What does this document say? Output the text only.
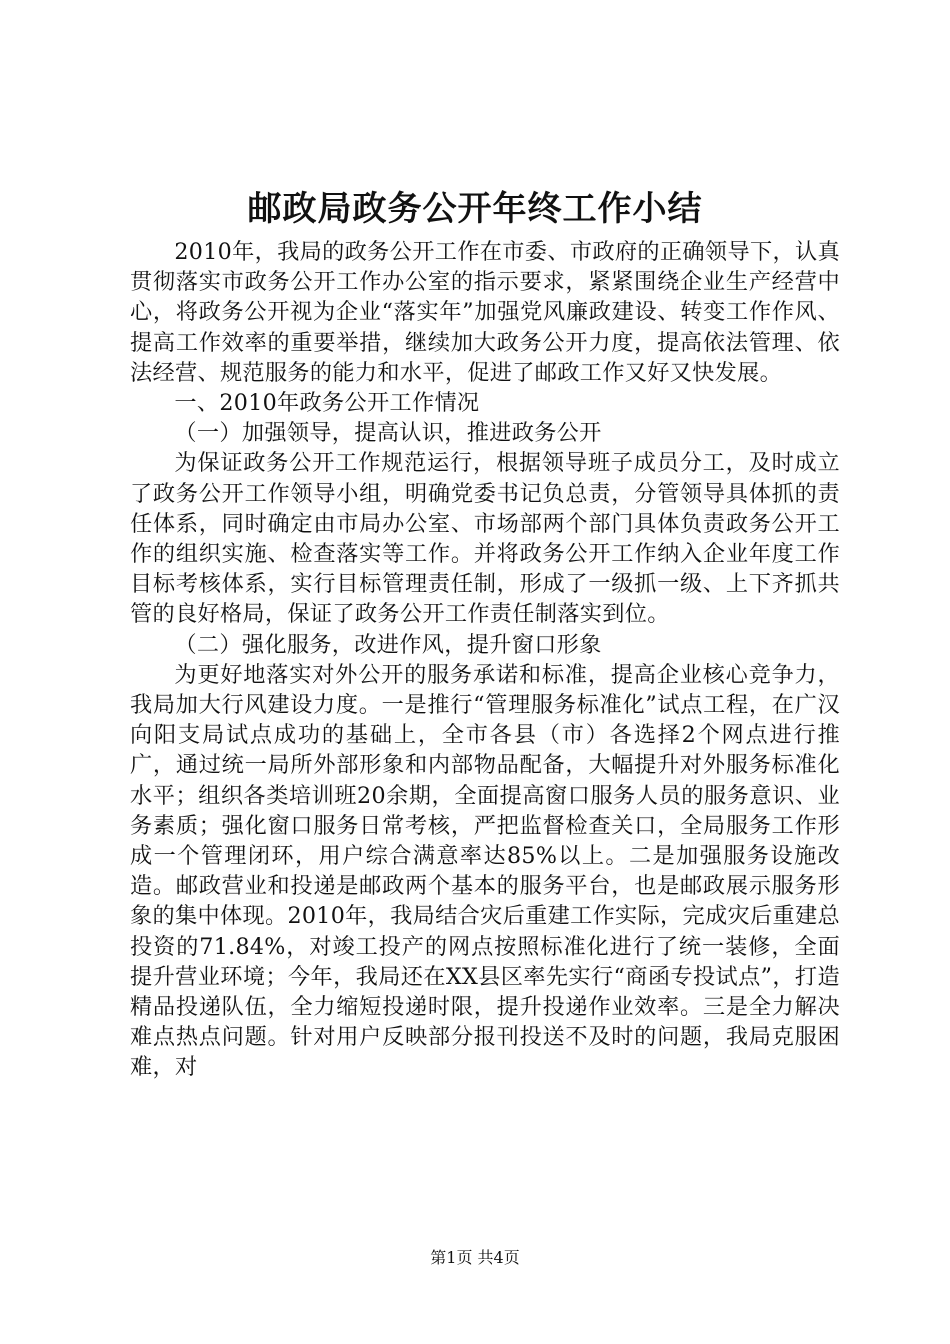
邮政局政务公开年终工作小结

2010年，我局的政务公开工作在市委、市政府的正确领导下，认真贯彻落实市政务公开工作办公室的指示要求，紧紧围绕企业生产经营中心，将政务公开视为企业“落实年”加强党风廉政建设、转变工作作风、提高工作效率的重要举措，继续加大政务公开力度，提高依法管理、依法经营、规范服务的能力和水平，促进了邮政工作又好又快发展。

一、2010年政务公开工作情况

（一）加强领导，提高认识，推进政务公开

为保证政务公开工作规范运行，根据领导班子成员分工，及时成立了政务公开工作领导小组，明确党委书记负总责，分管领导具体抓的责任体系，同时确定由市局办公室、市场部两个部门具体负责政务公开工作的组织实施、检查落实等工作。并将政务公开工作纳入企业年度工作目标考核体系，实行目标管理责任制，形成了一级抓一级、上下齐抓共管的良好格局，保证了政务公开工作责任制落实到位。

（二）强化服务，改进作风，提升窗口形象

为更好地落实对外公开的服务承诺和标准，提高企业核心竞争力，我局加大行风建设力度。一是推行“管理服务标准化”试点工程，在广汉向阳支局试点成功的基础上，全市各县（市）各选择2个网点进行推广，通过统一局所外部形象和内部物品配备，大幅提升对外服务标准化水平；组织各类培训班20余期，全面提高窗口服务人员的服务意识、业务素质；强化窗口服务日常考核，严把监督检查关口，全局服务工作形成一个管理闭环，用户综合满意率达85%以上。二是加强服务设施改造。邮政营业和投递是邮政两个基本的服务平台，也是邮政展示服务形象的集中体现。2010年，我局结合灾后重建工作实际，完成灾后重建总投资的71.84%，对竣工投产的网点按照标准化进行了统一装修，全面提升营业环境；今年，我局还在XX县区率先实行“商函专投试点”，打造精品投递队伍，全力缩短投递时限，提升投递作业效率。三是全力解决难点热点问题。针对用户反映部分报刊投送不及时的问题，我局克服困难，对

第1页 共4页
